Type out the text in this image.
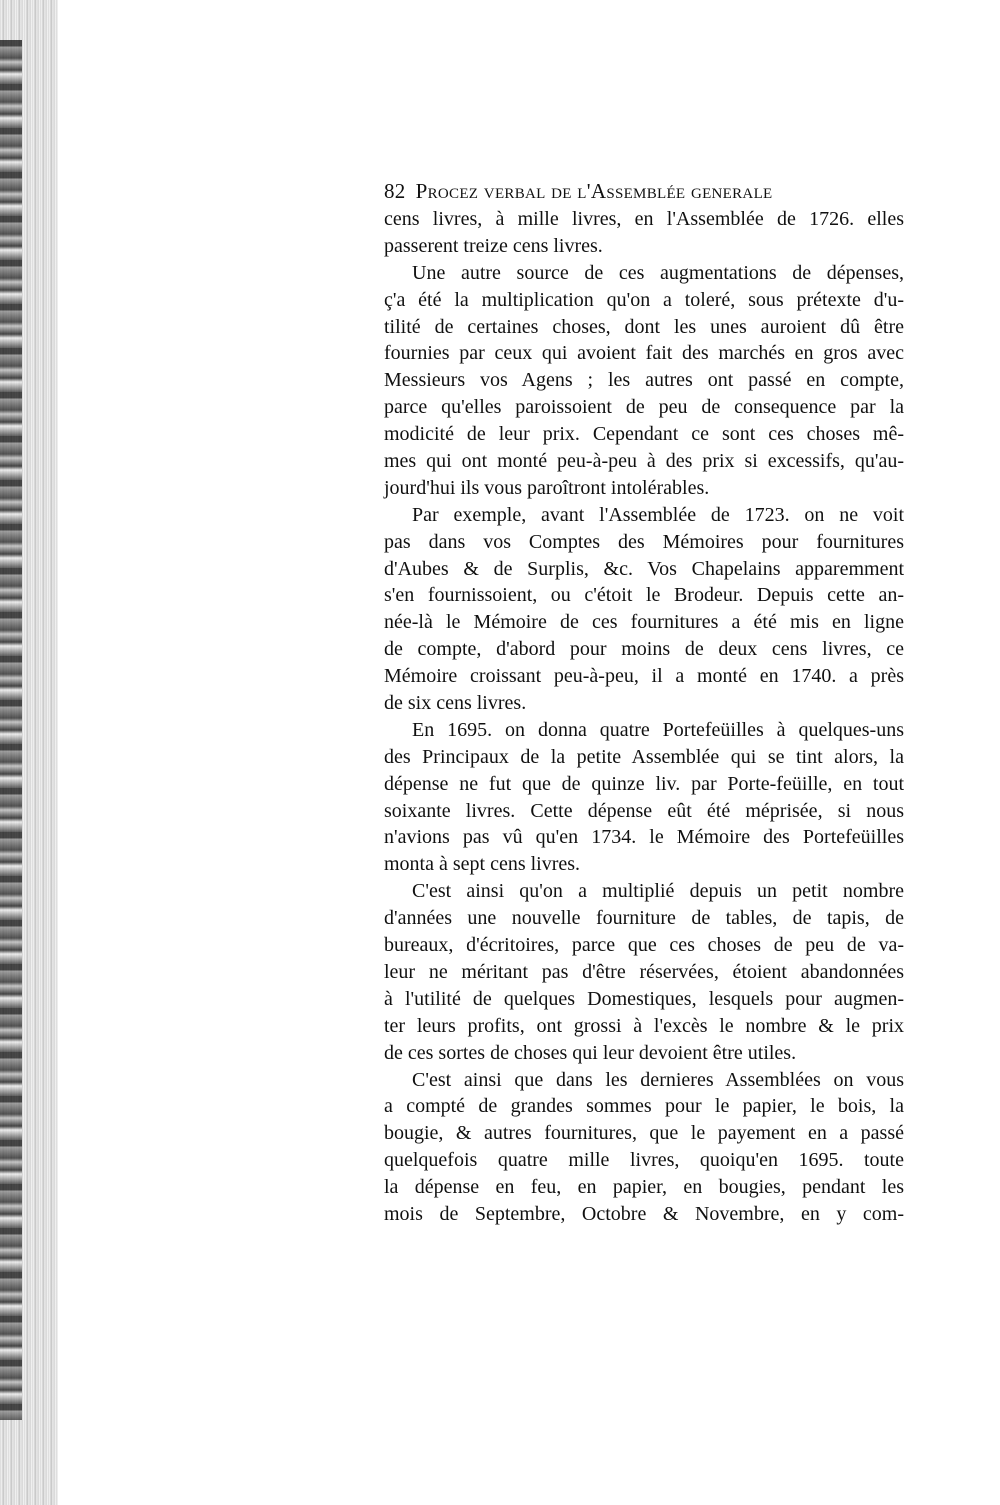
82 Procez verbal de l'Assemblée generale
cens livres, à mille livres, en l'Assemblée de 1726. elles
passerent treize cens livres.
Une autre source de ces augmentations de dépenses,
ç'a été la multiplication qu'on a toleré, sous prétexte d'u-
tilité de certaines choses, dont les unes auroient dû être
fournies par ceux qui avoient fait des marchés en gros avec
Messieurs vos Agens ; les autres ont passé en compte,
parce qu'elles paroissoient de peu de consequence par la
modicité de leur prix. Cependant ce sont ces choses mê-
mes qui ont monté peu-à-peu à des prix si excessifs, qu'au-
jourd'hui ils vous paroîtront intolérables.
Par exemple, avant l'Assemblée de 1723. on ne voit
pas dans vos Comptes des Mémoires pour fournitures
d'Aubes & de Surplis, &c. Vos Chapelains apparemment
s'en fournissoient, ou c'étoit le Brodeur. Depuis cette an-
née-là le Mémoire de ces fournitures a été mis en ligne
de compte, d'abord pour moins de deux cens livres, ce
Mémoire croissant peu-à-peu, il a monté en 1740. a près
de six cens livres.
En 1695. on donna quatre Portefeüilles à quelques-uns
des Principaux de la petite Assemblée qui se tint alors, la
dépense ne fut que de quinze liv. par Porte-feüille, en tout
soixante livres. Cette dépense eût été méprisée, si nous
n'avions pas vû qu'en 1734. le Mémoire des Portefeüilles
monta à sept cens livres.
C'est ainsi qu'on a multiplié depuis un petit nombre
d'années une nouvelle fourniture de tables, de tapis, de
bureaux, d'écritoires, parce que ces choses de peu de va-
leur ne méritant pas d'être réservées, étoient abandonnées
à l'utilité de quelques Domestiques, lesquels pour augmen-
ter leurs profits, ont grossi à l'excès le nombre & le prix
de ces sortes de choses qui leur devoient être utiles.
C'est ainsi que dans les dernieres Assemblées on vous
a compté de grandes sommes pour le papier, le bois, la
bougie, & autres fournitures, que le payement en a passé
quelquefois quatre mille livres, quoiqu'en 1695. toute
la dépense en feu, en papier, en bougies, pendant les
mois de Septembre, Octobre & Novembre, en y com-
